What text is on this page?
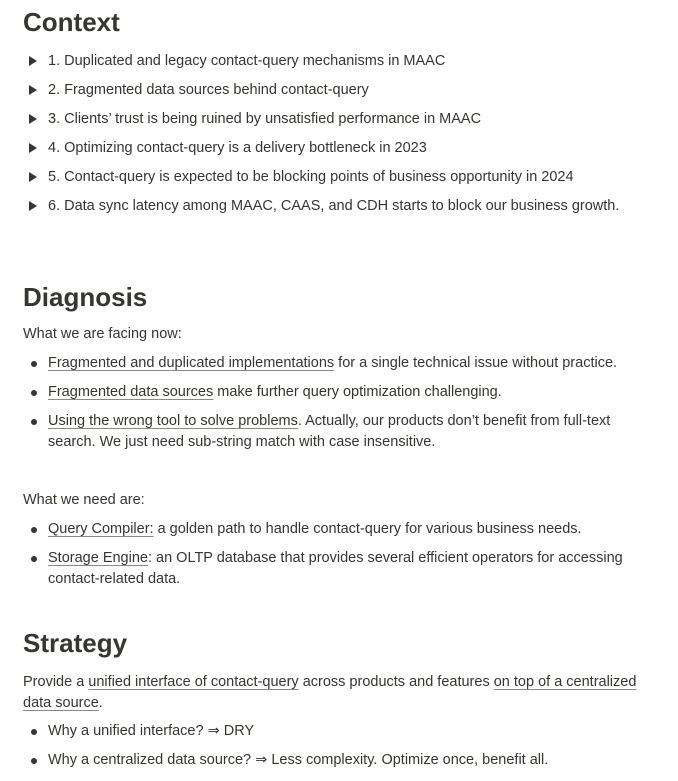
Context
1. Duplicated and legacy contact-query mechanisms in MAAC
2. Fragmented data sources behind contact-query
3. Clients’ trust is being ruined by unsatisfied performance in MAAC
4. Optimizing contact-query is a delivery bottleneck in 2023
5. Contact-query is expected to be blocking points of business opportunity in 2024
6. Data sync latency among MAAC, CAAS, and CDH starts to block our business growth.
Diagnosis

What we are facing now:

Fragmented and duplicated implementations for a single technical issue without practice.
Fragmented data sources make further query optimization challenging.
Using the wrong tool to solve problems. Actually, our products don’t benefit from full-text search. We just need sub-string match with case insensitive.

What we need are:

Query Compiler: a golden path to handle contact-query for various business needs.
Storage Engine: an OLTP database that provides several efficient operators for accessing contact-related data.
Strategy

Provide a unified interface of contact-query across products and features on top of a centralized data source.

Why a unified interface? ⇒ DRY
Why a centralized data source? ⇒ Less complexity. Optimize once, benefit all.
